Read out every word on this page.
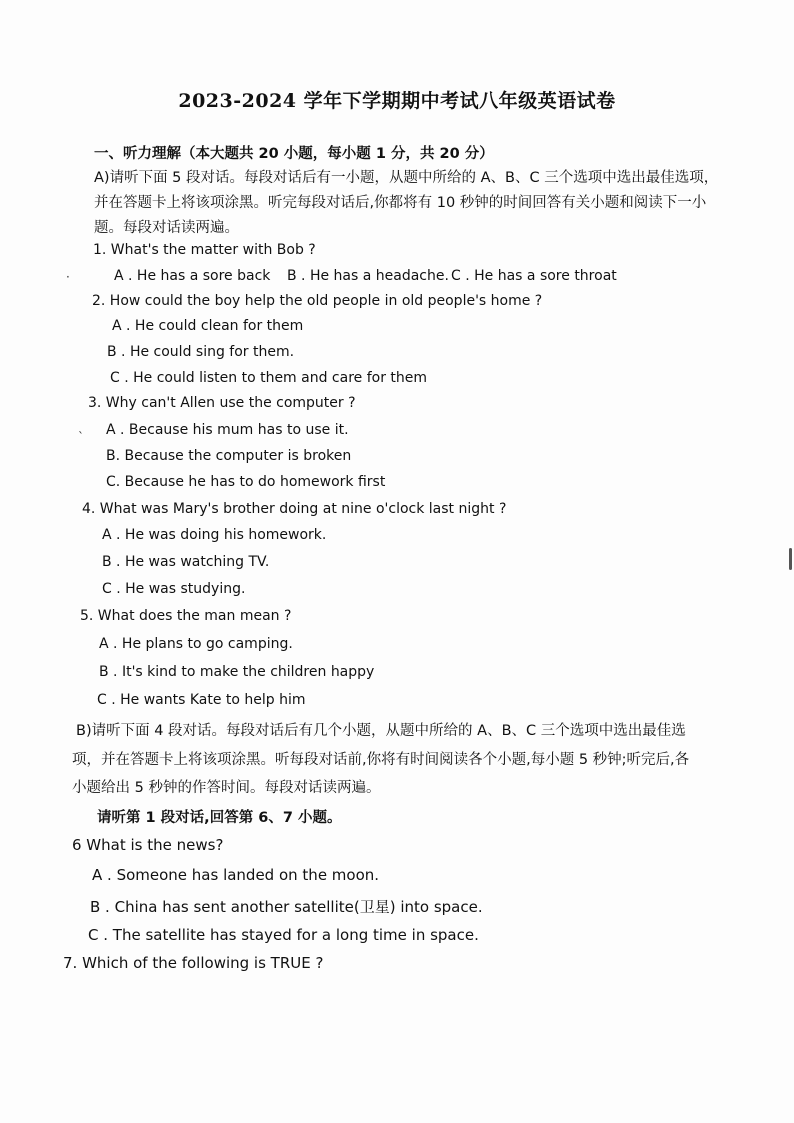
2023-2024 学年下学期期中考试八年级英语试卷
一、听力理解（本大题共 20 小题，每小题 1 分，共 20 分）
A)请听下面 5 段对话。每段对话后有一小题，从题中所给的 A、B、C 三个选项中选出最佳选项，
并在答题卡上将该项涂黑。听完每段对话后,你都将有 10 秒钟的时间回答有关小题和阅读下一小
题。每段对话读两遍。
1. What's the matter with Bob ?
·	A . He has a sore back B . He has a headache. C . He has a sore throat
2. How could the boy help the old people in old people's home ?
A . He could clean for them
B . He could sing for them.
C . He could listen to them and care for them
3. Why can't Allen use the computer ?
` A . Because his mum has to use it.
B. Because the computer is broken
C. Because he has to do homework first
4. What was Mary's brother doing at nine o'clock last night ?
A . He was doing his homework.
B . He was watching TV.
C . He was studying.
5. What does the man mean ?
A . He plans to go camping.
B . It's kind to make the children happy
C . He wants Kate to help him
B)请听下面 4 段对话。每段对话后有几个小题，从题中所给的 A、B、C 三个选项中选出最佳选
项，并在答题卡上将该项涂黑。听每段对话前,你将有时间阅读各个小题,每小题 5 秒钟;听完后,各
小题给出 5 秒钟的作答时间。每段对话读两遍。
请听第 1 段对话,回答第 6、7 小题。
6 What is the news?
A . Someone has landed on the moon.
B . China has sent another satellite(卫星) into space.
C . The satellite has stayed for a long time in space.
7. Which of the following is TRUE ?
